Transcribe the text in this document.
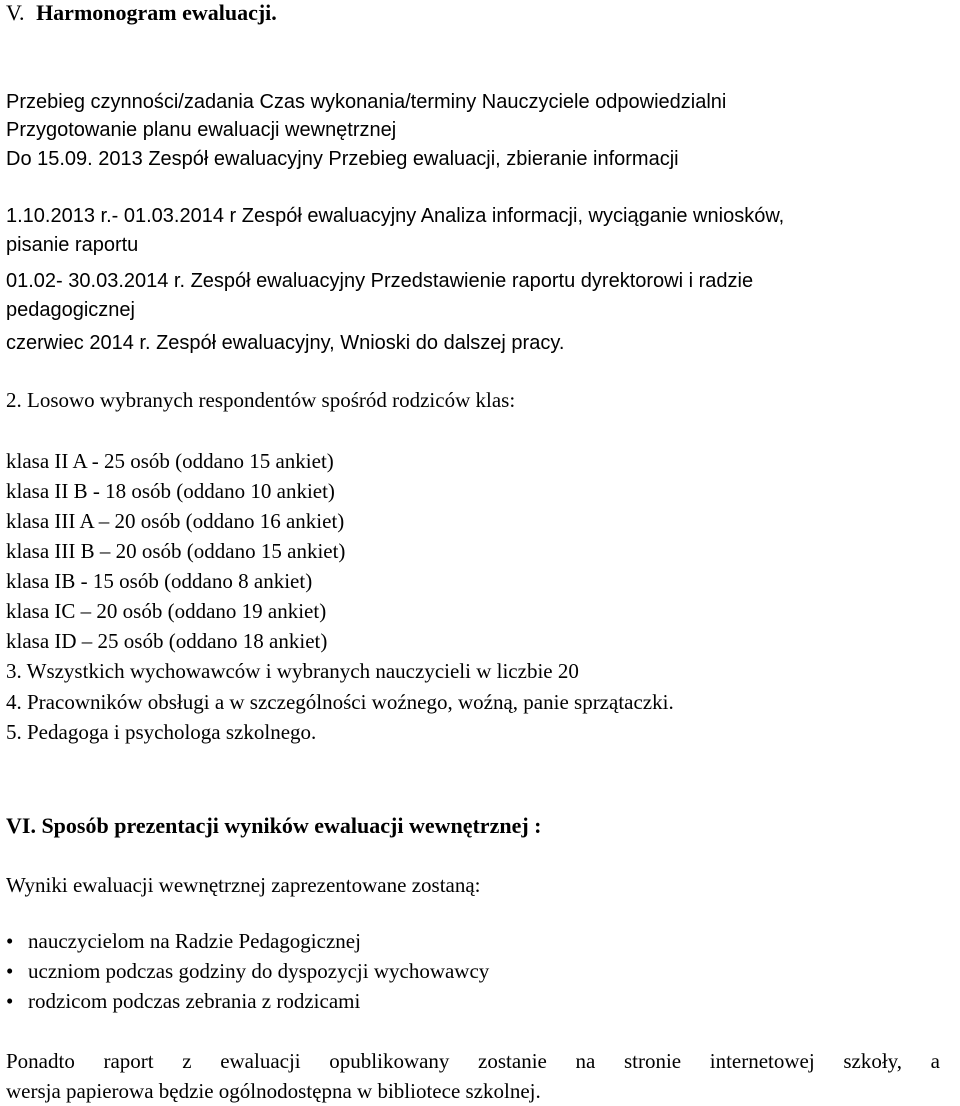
V. Harmonogram ewaluacji.
Przebieg czynności/zadania Czas wykonania/terminy Nauczyciele odpowiedzialni
Przygotowanie planu ewaluacji wewnętrznej
Do 15.09. 2013 Zespół ewaluacyjny Przebieg ewaluacji, zbieranie informacji
1.10.2013 r.- 01.03.2014 r Zespół ewaluacyjny Analiza informacji, wyciąganie wniosków,
pisanie raportu
01.02- 30.03.2014 r. Zespół ewaluacyjny Przedstawienie raportu dyrektorowi i radzie
pedagogicznej
czerwiec 2014 r. Zespół ewaluacyjny, Wnioski do dalszej pracy.
2. Losowo wybranych respondentów spośród rodziców klas:
klasa II A - 25 osób (oddano 15 ankiet)
klasa II B - 18 osób (oddano 10 ankiet)
klasa III A – 20 osób (oddano 16 ankiet)
klasa III B – 20 osób (oddano 15 ankiet)
klasa IB - 15 osób (oddano 8 ankiet)
klasa IC – 20 osób (oddano 19 ankiet)
klasa ID – 25 osób (oddano 18 ankiet)
3. Wszystkich wychowawców i wybranych nauczycieli w liczbie 20
4. Pracowników obsługi a w szczególności woźnego, woźną, panie sprzątaczki.
5. Pedagoga i psychologa szkolnego.
VI. Sposób prezentacji wyników ewaluacji wewnętrznej :
Wyniki ewaluacji wewnętrznej zaprezentowane zostaną:
• nauczycielom na Radzie Pedagogicznej
• uczniom podczas godziny do dyspozycji wychowawcy
• rodzicom podczas zebrania z rodzicami
Ponadto raport z ewaluacji opublikowany zostanie na stronie internetowej szkoły, a
wersja papierowa będzie ogólnodostępna w bibliotece szkolnej.
